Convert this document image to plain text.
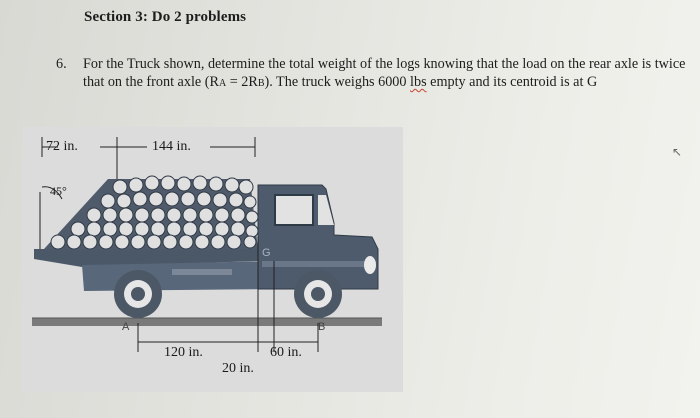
Section 3: Do 2 problems
6. For the Truck shown, determine the total weight of the logs knowing that the load on the rear axle is twice that on the front axle (RA = 2RB). The truck weighs 6000 lbs empty and its centroid is at G
72 in.	144 in.
45°
A	B
G
120 in.
20 in.
60 in.
↖
